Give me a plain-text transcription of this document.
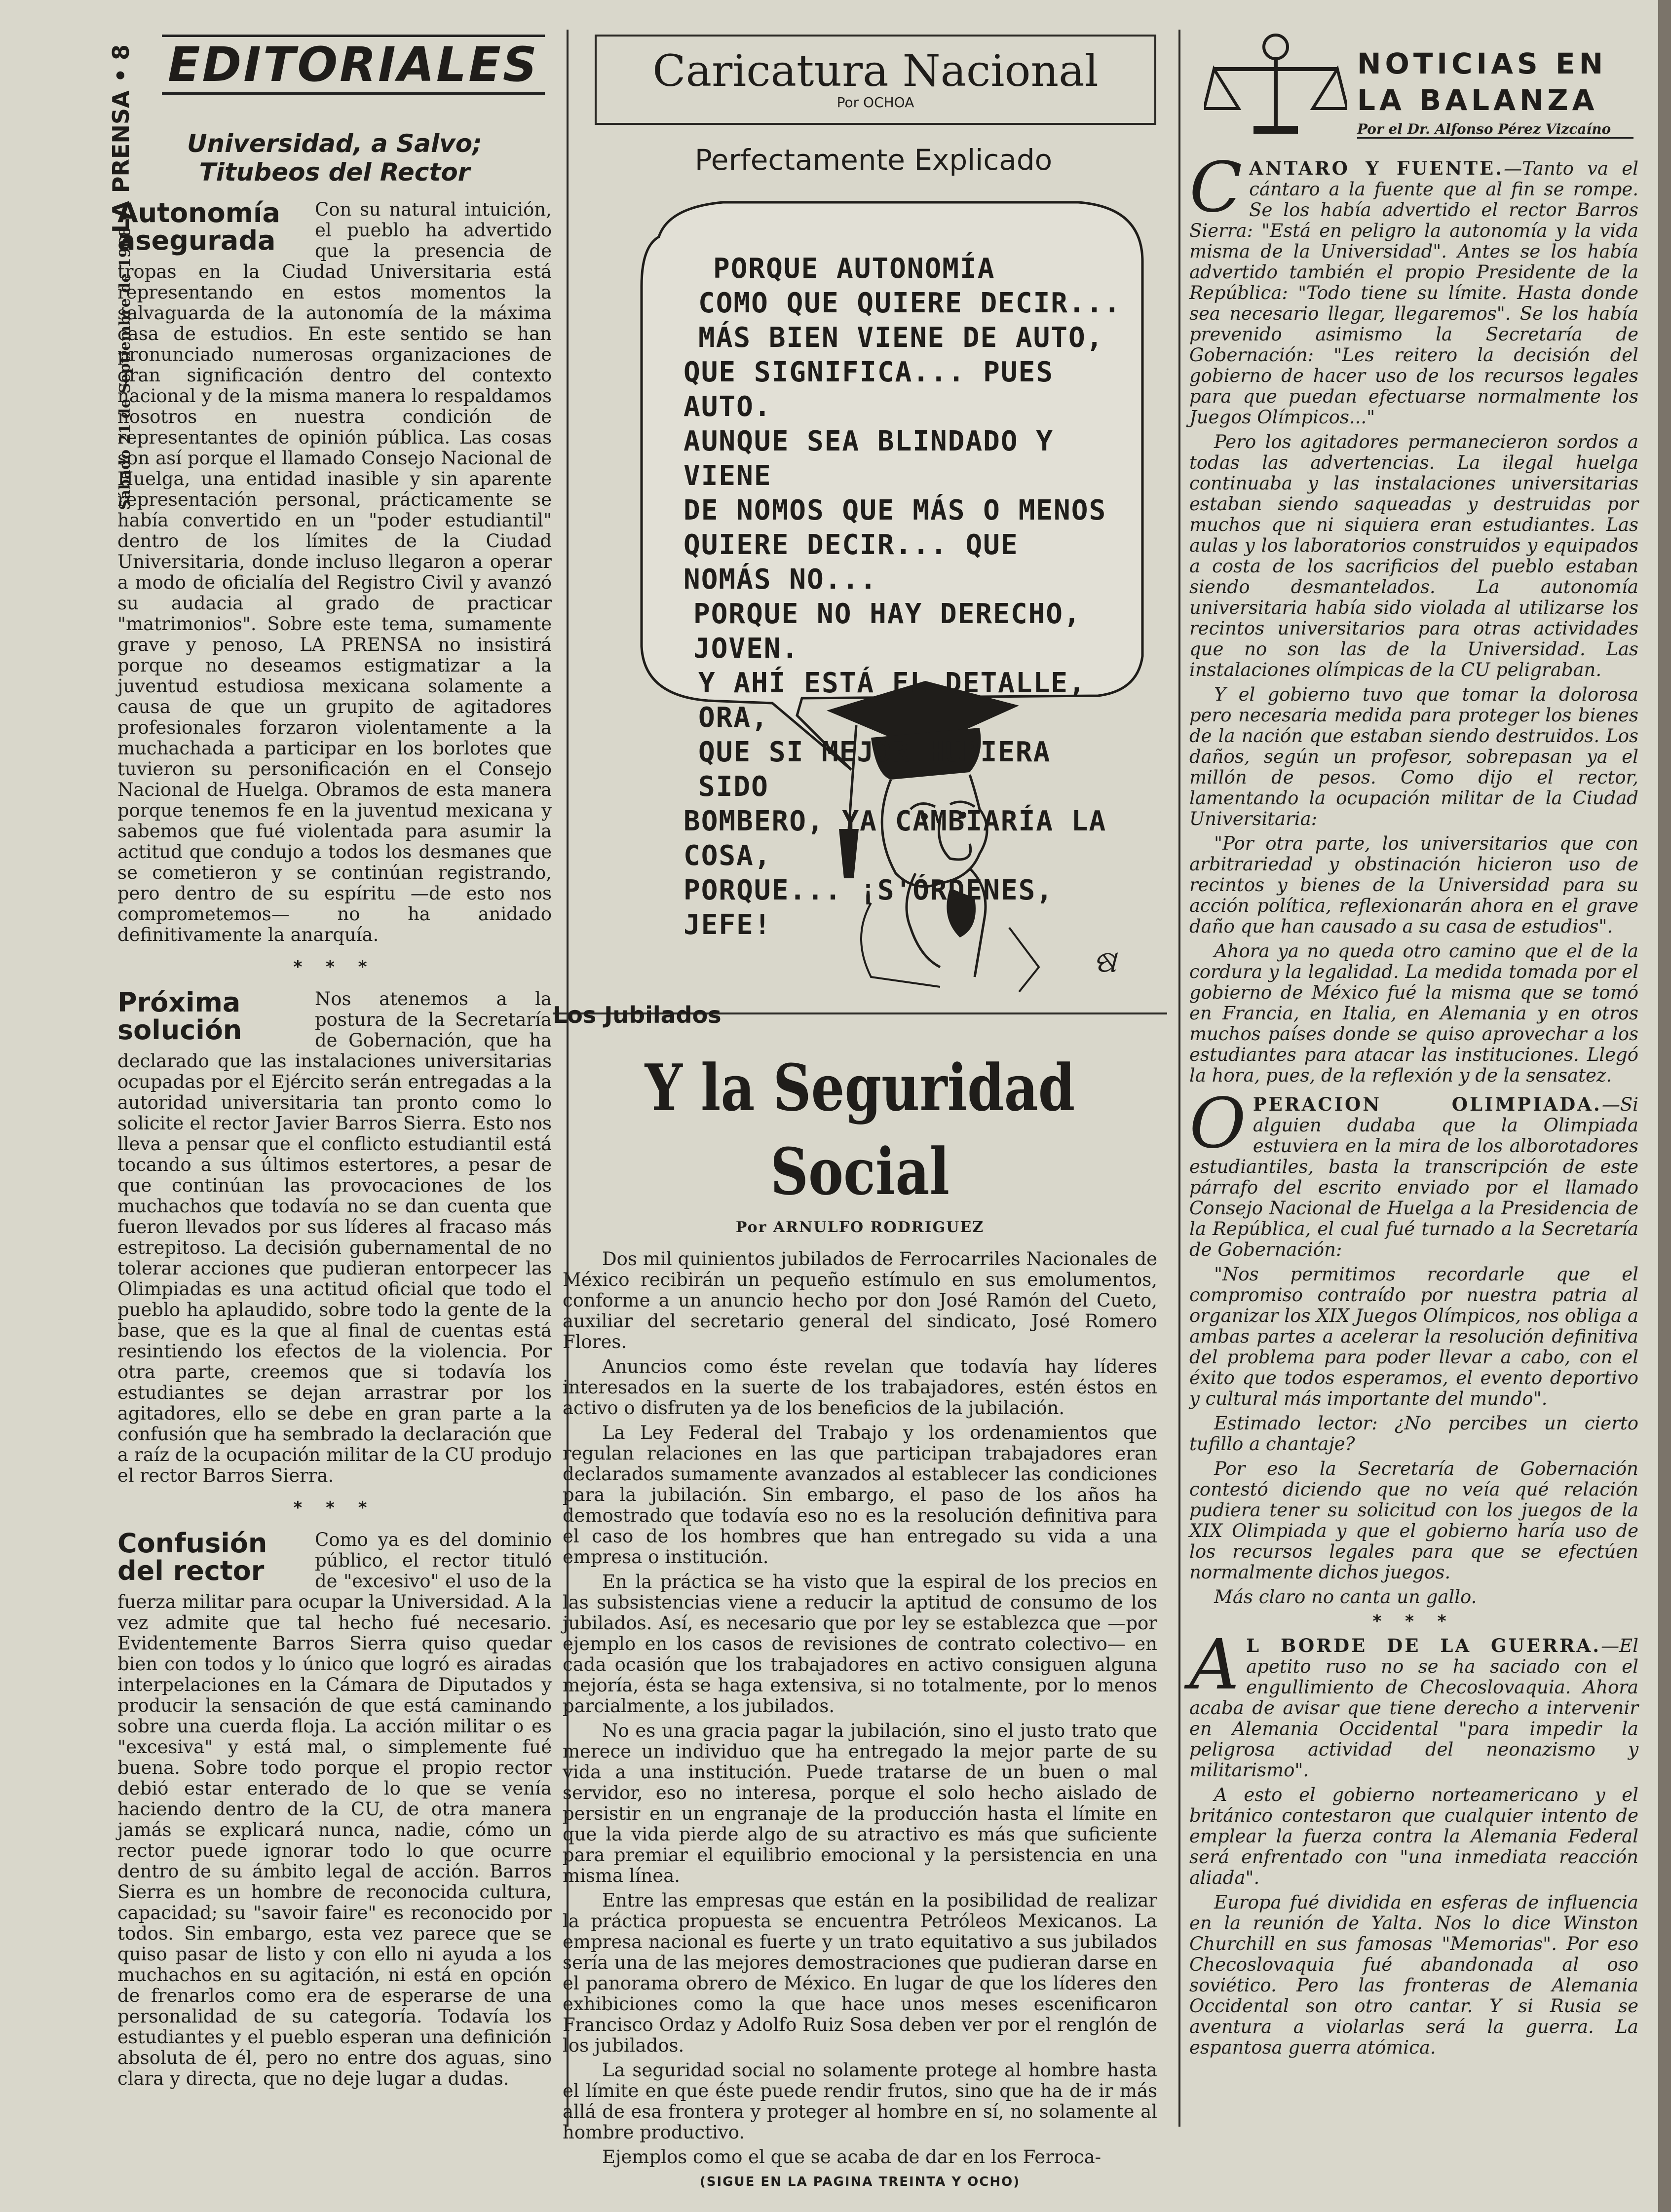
LA PRENSA • 8
Sábado 21 de Septiembre de 1968 •
EDITORIALES
Universidad, a Salvo;
Titubeos del Rector
Autonomía
asegurada

Con su natural intuición, el pueblo ha advertido que la presencia de tropas en la Ciudad Universitaria está representando en estos momentos la salvaguarda de la autonomía de la máxima casa de estudios. En este sentido se han pronunciado numerosas organizaciones de gran significación dentro del contexto nacional y de la misma manera lo respaldamos nosotros en nuestra condición de representantes de opinión pública. Las cosas son así porque el llamado Consejo Nacional de Huelga, una entidad inasible y sin aparente representación personal, prácticamente se había convertido en un "poder estudiantil" dentro de los límites de la Ciudad Universitaria, donde incluso llegaron a operar a modo de oficialía del Registro Civil y avanzó su audacia al grado de practicar "matrimonios". Sobre este tema, sumamente grave y penoso, LA PRENSA no insistirá porque no deseamos estigmatizar a la juventud estudiosa mexicana solamente a causa de que un grupito de agitadores profesionales forzaron violentamente a la muchachada a participar en los borlotes que tuvieron su personificación en el Consejo Nacional de Huelga. Obramos de esta manera porque tenemos fe en la juventud mexicana y sabemos que fué violentada para asumir la actitud que condujo a todos los desmanes que se cometieron y se continúan registrando, pero dentro de su espíritu —de esto nos comprometemos— no ha anidado definitivamente la anarquía.

* * *
Próxima
solución

Nos atenemos a la postura de la Secretaría de Gobernación, que ha declarado que las instalaciones universitarias ocupadas por el Ejército serán entregadas a la autoridad universitaria tan pronto como lo solicite el rector Javier Barros Sierra. Esto nos lleva a pensar que el conflicto estudiantil está tocando a sus últimos estertores, a pesar de que continúan las provocaciones de los muchachos que todavía no se dan cuenta que fueron llevados por sus líderes al fracaso más estrepitoso. La decisión gubernamental de no tolerar acciones que pudieran entorpecer las Olimpiadas es una actitud oficial que todo el pueblo ha aplaudido, sobre todo la gente de la base, que es la que al final de cuentas está resintiendo los efectos de la violencia. Por otra parte, creemos que si todavía los estudiantes se dejan arrastrar por los agitadores, ello se debe en gran parte a la confusión que ha sembrado la declaración que a raíz de la ocupación militar de la CU produjo el rector Barros Sierra.

* * *
Confusión
del rector

Como ya es del dominio público, el rector tituló de "excesivo" el uso de la fuerza militar para ocupar la Universidad. A la vez admite que tal hecho fué necesario. Evidentemente Barros Sierra quiso quedar bien con todos y lo único que logró es airadas interpelaciones en la Cámara de Diputados y producir la sensación de que está caminando sobre una cuerda floja. La acción militar o es "excesiva" y está mal, o simplemente fué buena. Sobre todo porque el propio rector debió estar enterado de lo que se venía haciendo dentro de la CU, de otra manera jamás se explicará nunca, nadie, cómo un rector puede ignorar todo lo que ocurre dentro de su ámbito legal de acción. Barros Sierra es un hombre de reconocida cultura, capacidad; su "savoir faire" es reconocido por todos. Sin embargo, esta vez parece que se quiso pasar de listo y con ello ni ayuda a los muchachos en su agitación, ni está en opción de frenarlos como era de esperarse de una personalidad de su categoría. Todavía los estudiantes y el pueblo esperan una definición absoluta de él, pero no entre dos aguas, sino clara y directa, que no deje lugar a dudas.

Caricatura Nacional
Por OCHOA
Perfectamente Explicado
ଷ

PORQUE AUTONOMÍA

COMO QUE QUIERE DECIR...

MÁS BIEN VIENE DE AUTO,

QUE SIGNIFICA... PUES AUTO.

AUNQUE SEA BLINDADO Y VIENE

DE NOMOS QUE MÁS O MENOS

QUIERE DECIR... QUE NOMÁS NO...

PORQUE NO HAY DERECHO, JOVEN.

Y AHÍ ESTÁ EL DETALLE, ORA,

QUE SI MEJOR HUBIERA SIDO

BOMBERO, YA CAMBIARÍA LA COSA,

PORQUE... ¡S'ÓRDENES, JEFE!

Los Jubilados
Y la Seguridad Social
Por ARNULFO RODRIGUEZ

Dos mil quinientos jubilados de Ferrocarriles Nacionales de México recibirán un pequeño estímulo en sus emolumentos, conforme a un anuncio hecho por don José Ramón del Cueto, auxiliar del secretario general del sindicato, José Romero Flores.

Anuncios como éste revelan que todavía hay líderes interesados en la suerte de los trabajadores, estén éstos en activo o disfruten ya de los beneficios de la jubilación.

La Ley Federal del Trabajo y los ordenamientos que regulan relaciones en las que participan trabajadores eran declarados sumamente avanzados al establecer las condiciones para la jubilación. Sin embargo, el paso de los años ha demostrado que todavía eso no es la resolución definitiva para el caso de los hombres que han entregado su vida a una empresa o institución.

En la práctica se ha visto que la espiral de los precios en las subsistencias viene a reducir la aptitud de consumo de los jubilados. Así, es necesario que por ley se establezca que —por ejemplo en los casos de revisiones de contrato colectivo— en cada ocasión que los trabajadores en activo consiguen alguna mejoría, ésta se haga extensiva, si no totalmente, por lo menos parcialmente, a los jubilados.

No es una gracia pagar la jubilación, sino el justo trato que merece un individuo que ha entregado la mejor parte de su vida a una institución. Puede tratarse de un buen o mal servidor, eso no interesa, porque el solo hecho aislado de persistir en un engranaje de la producción hasta el límite en que la vida pierde algo de su atractivo es más que suficiente para premiar el equilibrio emocional y la persistencia en una misma línea.

Entre las empresas que están en la posibilidad de realizar la práctica propuesta se encuentra Petróleos Mexicanos. La empresa nacional es fuerte y un trato equitativo a sus jubilados sería una de las mejores demostraciones que pudieran darse en el panorama obrero de México. En lugar de que los líderes den exhibiciones como la que hace unos meses escenificaron Francisco Ordaz y Adolfo Ruiz Sosa deben ver por el renglón de los jubilados.

La seguridad social no solamente protege al hombre hasta el límite en que éste puede rendir frutos, sino que ha de ir más allá de esa frontera y proteger al hombre en sí, no solamente al hombre productivo.

Ejemplos como el que se acaba de dar en los Ferroca-

(SIGUE EN LA PAGINA TREINTA Y OCHO)
NOTICIAS EN
LA BALANZA
Por el Dr. Alfonso Pérez Vizcaíno
CANTARO Y FUENTE.—Tanto va el cántaro a la fuente que al fin se rompe. Se los había advertido el rector Barros Sierra: "Está en peligro la autonomía y la vida misma de la Universidad". Antes se los había advertido también el propio Presidente de la República: "Todo tiene su límite. Hasta donde sea necesario llegar, llegaremos". Se los había prevenido asimismo la Secretaría de Gobernación: "Les reitero la decisión del gobierno de hacer uso de los recursos legales para que puedan efectuarse normalmente los Juegos Olímpicos..."

Pero los agitadores permanecieron sordos a todas las advertencias. La ilegal huelga continuaba y las instalaciones universitarias estaban siendo saqueadas y destruidas por muchos que ni siquiera eran estudiantes. Las aulas y los laboratorios construidos y equipados a costa de los sacrificios del pueblo estaban siendo desmantelados. La autonomía universitaria había sido violada al utilizarse los recintos universitarios para otras actividades que no son las de la Universidad. Las instalaciones olímpicas de la CU peligraban.

Y el gobierno tuvo que tomar la dolorosa pero necesaria medida para proteger los bienes de la nación que estaban siendo destruidos. Los daños, según un profesor, sobrepasan ya el millón de pesos. Como dijo el rector, lamentando la ocupación militar de la Ciudad Universitaria:

"Por otra parte, los universitarios que con arbitrariedad y obstinación hicieron uso de recintos y bienes de la Universidad para su acción política, reflexionarán ahora en el grave daño que han causado a su casa de estudios".

Ahora ya no queda otro camino que el de la cordura y la legalidad. La medida tomada por el gobierno de México fué la misma que se tomó en Francia, en Italia, en Alemania y en otros muchos países donde se quiso aprovechar a los estudiantes para atacar las instituciones. Llegó la hora, pues, de la reflexión y de la sensatez.

OPERACION OLIMPIADA.—Si alguien dudaba que la Olimpiada estuviera en la mira de los alborotadores estudiantiles, basta la transcripción de este párrafo del escrito enviado por el llamado Consejo Nacional de Huelga a la Presidencia de la República, el cual fué turnado a la Secretaría de Gobernación:

"Nos permitimos recordarle que el compromiso contraído por nuestra patria al organizar los XIX Juegos Olímpicos, nos obliga a ambas partes a acelerar la resolución definitiva del problema para poder llevar a cabo, con el éxito que todos esperamos, el evento deportivo y cultural más importante del mundo".

Estimado lector: ¿No percibes un cierto tufillo a chantaje?

Por eso la Secretaría de Gobernación contestó diciendo que no veía qué relación pudiera tener su solicitud con los juegos de la XIX Olimpiada y que el gobierno haría uso de los recursos legales para que se efectúen normalmente dichos juegos.

Más claro no canta un gallo.

* * *
A L BORDE DE LA GUERRA.—El apetito ruso no se ha saciado con el engullimiento de Checoslovaquia. Ahora acaba de avisar que tiene derecho a intervenir en Alemania Occidental "para impedir la peligrosa actividad del neonazismo y militarismo".

A esto el gobierno norteamericano y el británico contestaron que cualquier intento de emplear la fuerza contra la Alemania Federal será enfrentado con "una inmediata reacción aliada".

Europa fué dividida en esferas de influencia en la reunión de Yalta. Nos lo dice Winston Churchill en sus famosas "Memorias". Por eso Checoslovaquia fué abandonada al oso soviético. Pero las fronteras de Alemania Occidental son otro cantar. Y si Rusia se aventura a violarlas será la guerra. La espantosa guerra atómica.
